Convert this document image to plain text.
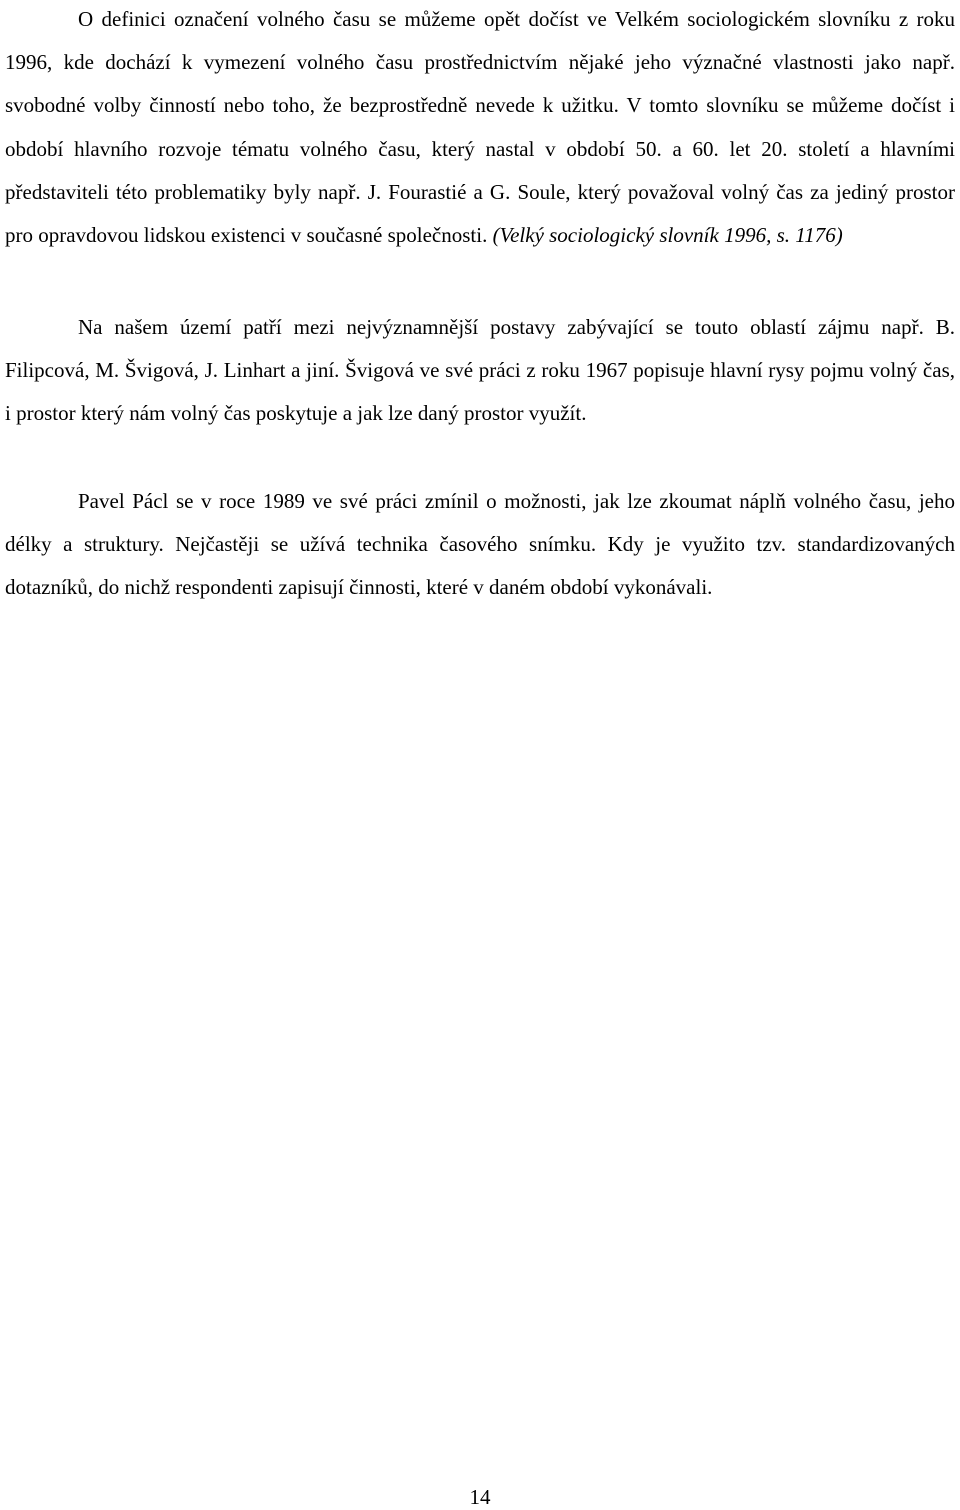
O definici označení volného času se můžeme opět dočíst ve Velkém sociologickém slovníku z roku 1996, kde dochází k vymezení volného času prostřednictvím nějaké jeho význačné vlastnosti jako např. svobodné volby činností nebo toho, že bezprostředně nevede k užitku. V tomto slovníku se můžeme dočíst i období hlavního rozvoje tématu volného času, který nastal v období 50. a 60. let 20. století a hlavními představiteli této problematiky byly např. J. Fourastié a G. Soule, který považoval volný čas za jediný prostor pro opravdovou lidskou existenci v současné společnosti. (Velký sociologický slovník 1996, s. 1176)

Na našem území patří mezi nejvýznamnější postavy zabývající se touto oblastí zájmu např. B. Filipcová, M. Švigová, J. Linhart a jiní. Švigová ve své práci z roku 1967 popisuje hlavní rysy pojmu volný čas, i prostor který nám volný čas poskytuje a jak lze daný prostor využít.

Pavel Pácl se v roce 1989 ve své práci zmínil o možnosti, jak lze zkoumat náplň volného času, jeho délky a struktury. Nejčastěji se užívá technika časového snímku. Kdy je využito tzv. standardizovaných dotazníků, do nichž respondenti zapisují činnosti, které v daném období vykonávali.

14
